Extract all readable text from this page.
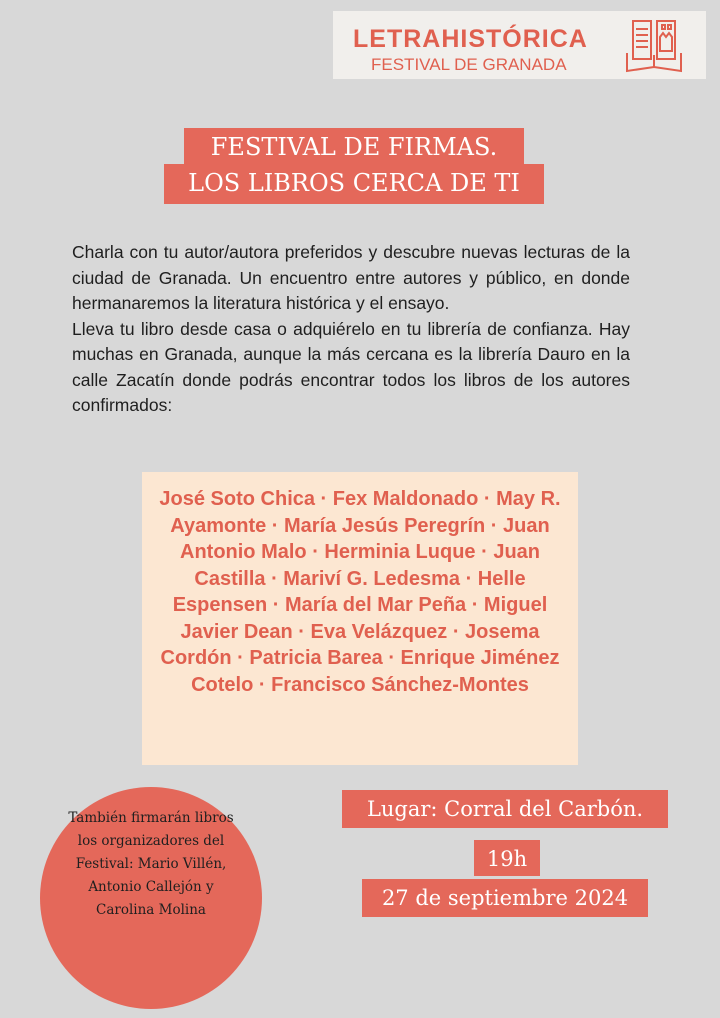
LETRAHISTÓRICA
FESTIVAL DE GRANADA
FESTIVAL DE FIRMAS.
LOS LIBROS CERCA DE TI

Charla con tu autor/autora preferidos y descubre nuevas lecturas de la ciudad de Granada. Un encuentro entre autores y público, en donde hermanaremos la literatura histórica y el ensayo.

Lleva tu libro desde casa o adquiérelo en tu librería de confianza. Hay muchas en Granada, aunque la más cercana es la librería Dauro en la calle Zacatín donde podrás encontrar todos los libros de los autores confirmados:

José Soto Chica · Fex Maldonado · May R. Ayamonte · María Jesús Peregrín · Juan Antonio Malo · Herminia Luque · Juan Castilla · Mariví G. Ledesma · Helle Espensen · María del Mar Peña · Miguel Javier Dean · Eva Velázquez · Josema Cordón · Patricia Barea · Enrique Jiménez Cotelo · Francisco Sánchez-Montes
También firmarán libros los organizadores del Festival: Mario Villén, Antonio Callejón y Carolina Molina
Lugar: Corral del Carbón.
19h
27 de septiembre 2024
